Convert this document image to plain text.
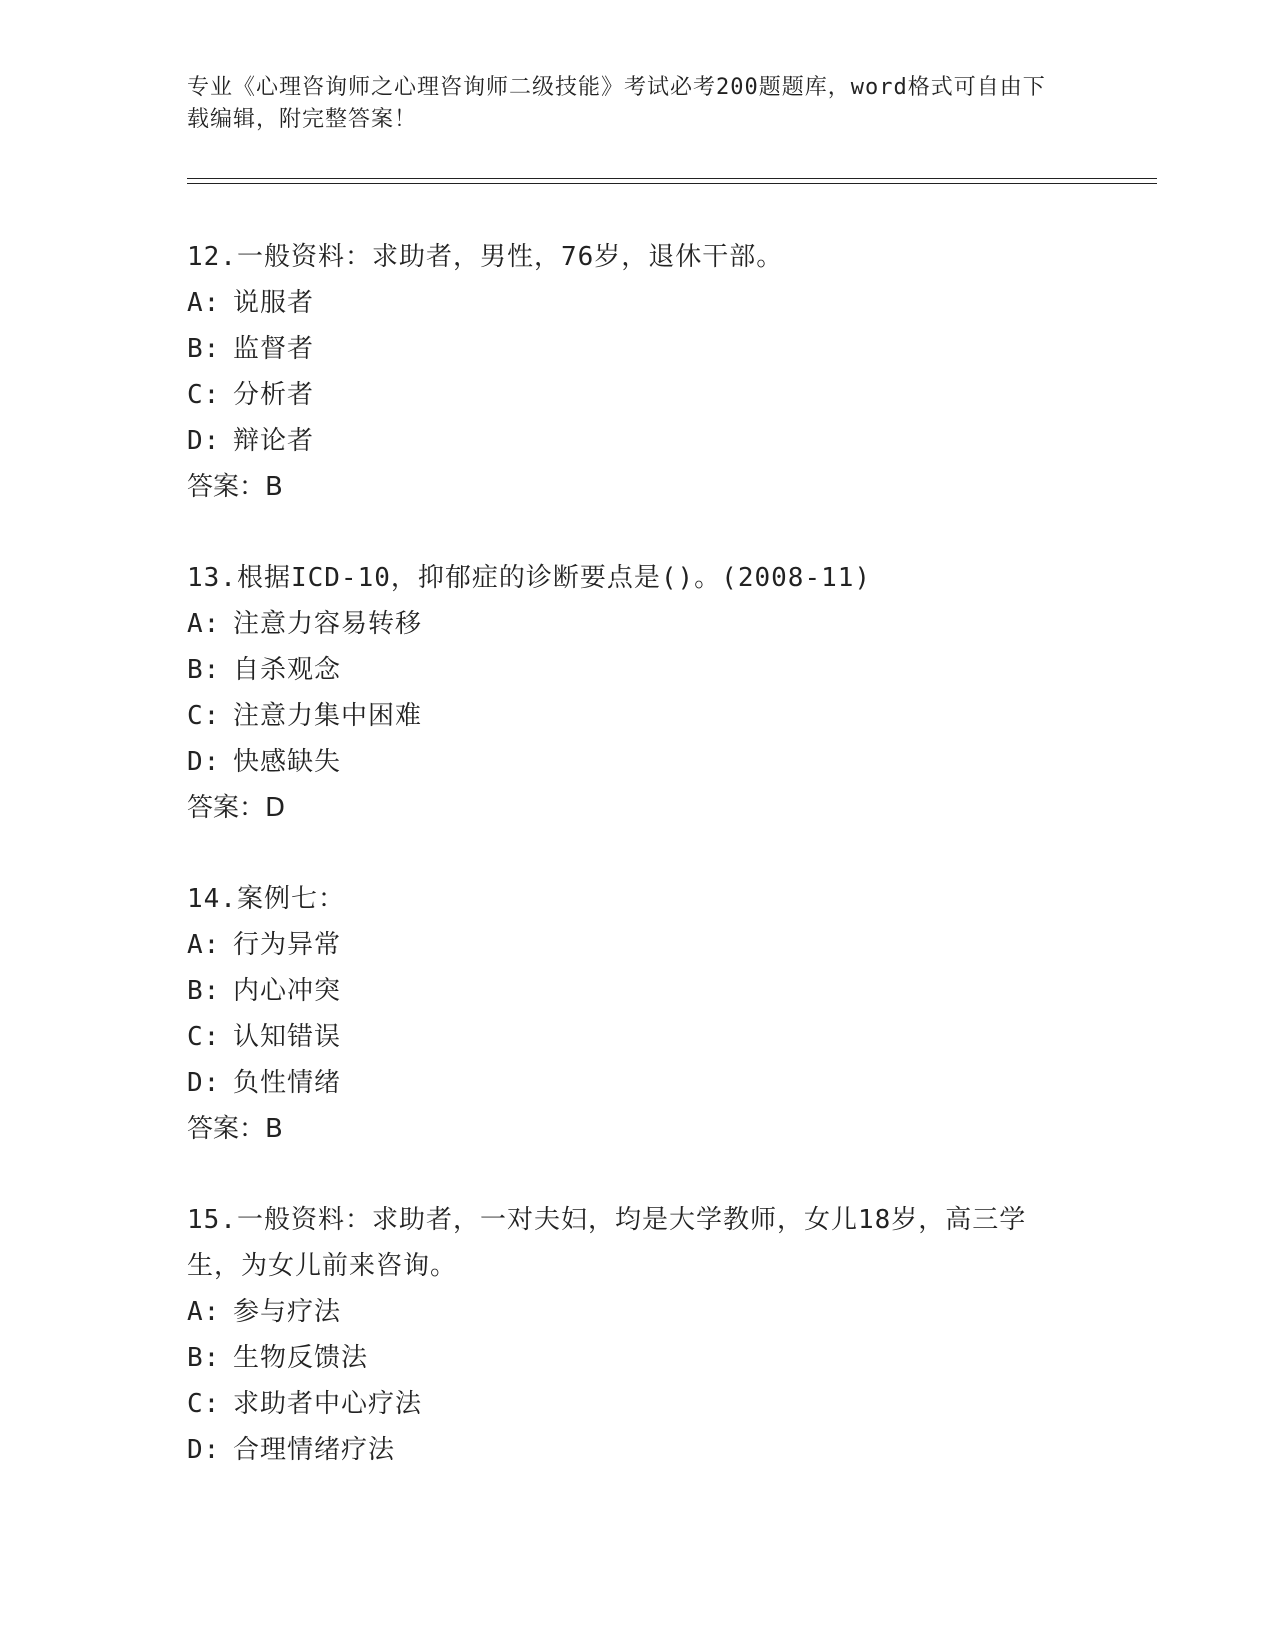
专业《心理咨询师之心理咨询师二级技能》考试必考200题题库，word格式可自由下载编辑，附完整答案！
12.一般资料：求助者，男性，76岁，退休干部。
A: 说服者
B: 监督者
C: 分析者
D: 辩论者
答案：B
13.根据ICD-10，抑郁症的诊断要点是()。(2008-11)
A: 注意力容易转移
B: 自杀观念
C: 注意力集中困难
D: 快感缺失
答案：D
14.案例七：
A: 行为异常
B: 内心冲突
C: 认知错误
D: 负性情绪
答案：B
15.一般资料：求助者，一对夫妇，均是大学教师，女儿18岁，高三学生，为女儿前来咨询。
A: 参与疗法
B: 生物反馈法
C: 求助者中心疗法
D: 合理情绪疗法
